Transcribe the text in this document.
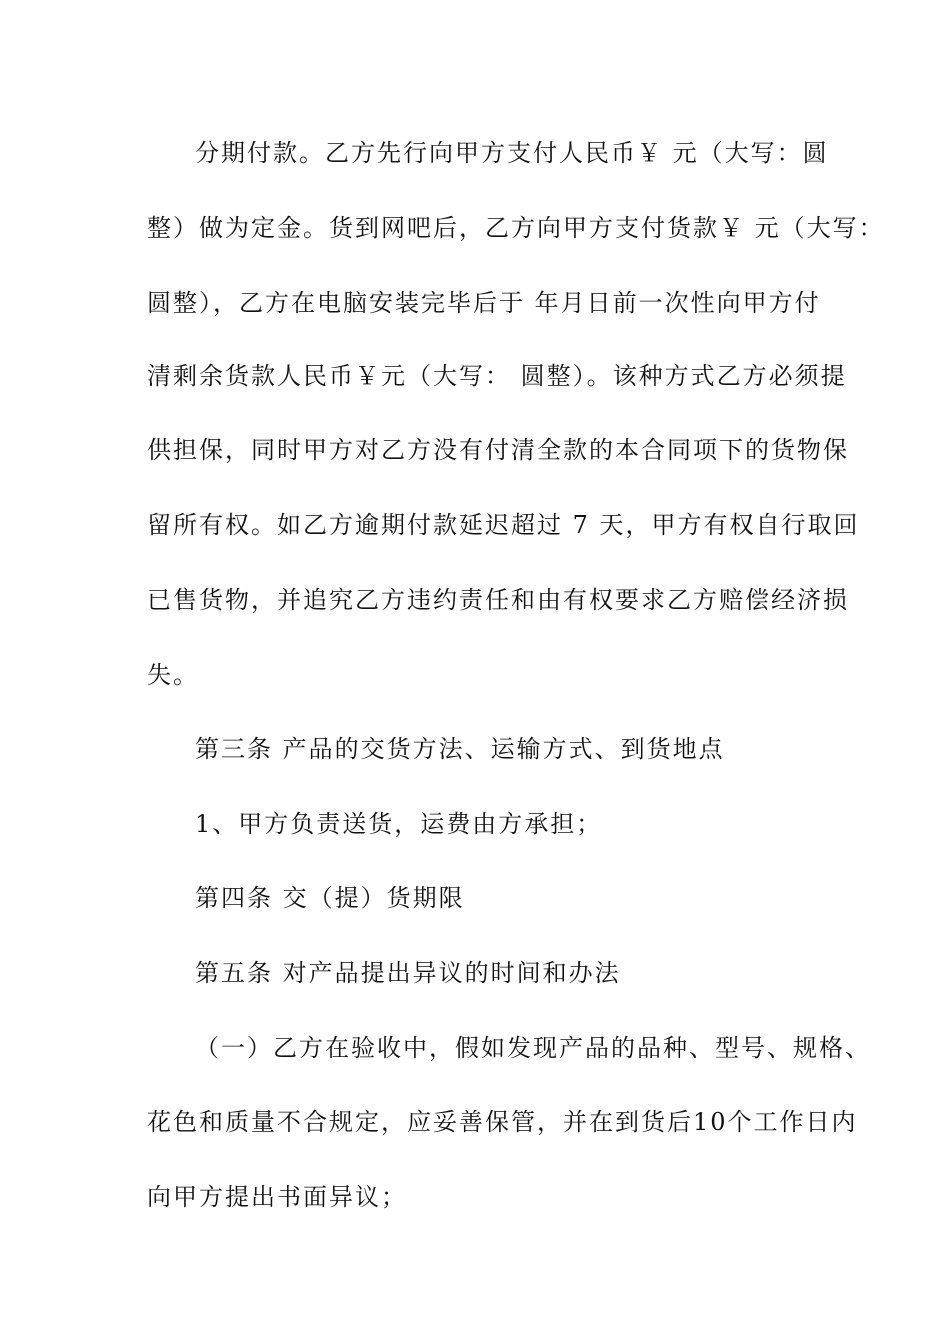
分期付款。乙方先行向甲方支付人民币￥ 元（大写：圆
整）做为定金。货到网吧后，乙方向甲方支付货款￥ 元（大写：
圆整），乙方在电脑安装完毕后于 年月日前一次性向甲方付
清剩余货款人民币￥元（大写： 圆整）。该种方式乙方必须提
供担保，同时甲方对乙方没有付清全款的本合同项下的货物保
留所有权。如乙方逾期付款延迟超过 7 天，甲方有权自行取回
已售货物，并追究乙方违约责任和由有权要求乙方赔偿经济损
失。
第三条 产品的交货方法、运输方式、到货地点
1、甲方负责送货，运费由方承担；
第四条 交（提）货期限
第五条 对产品提出异议的时间和办法
（一）乙方在验收中，假如发现产品的品种、型号、规格、
花色和质量不合规定，应妥善保管，并在到货后10个工作日内
向甲方提出书面异议；
